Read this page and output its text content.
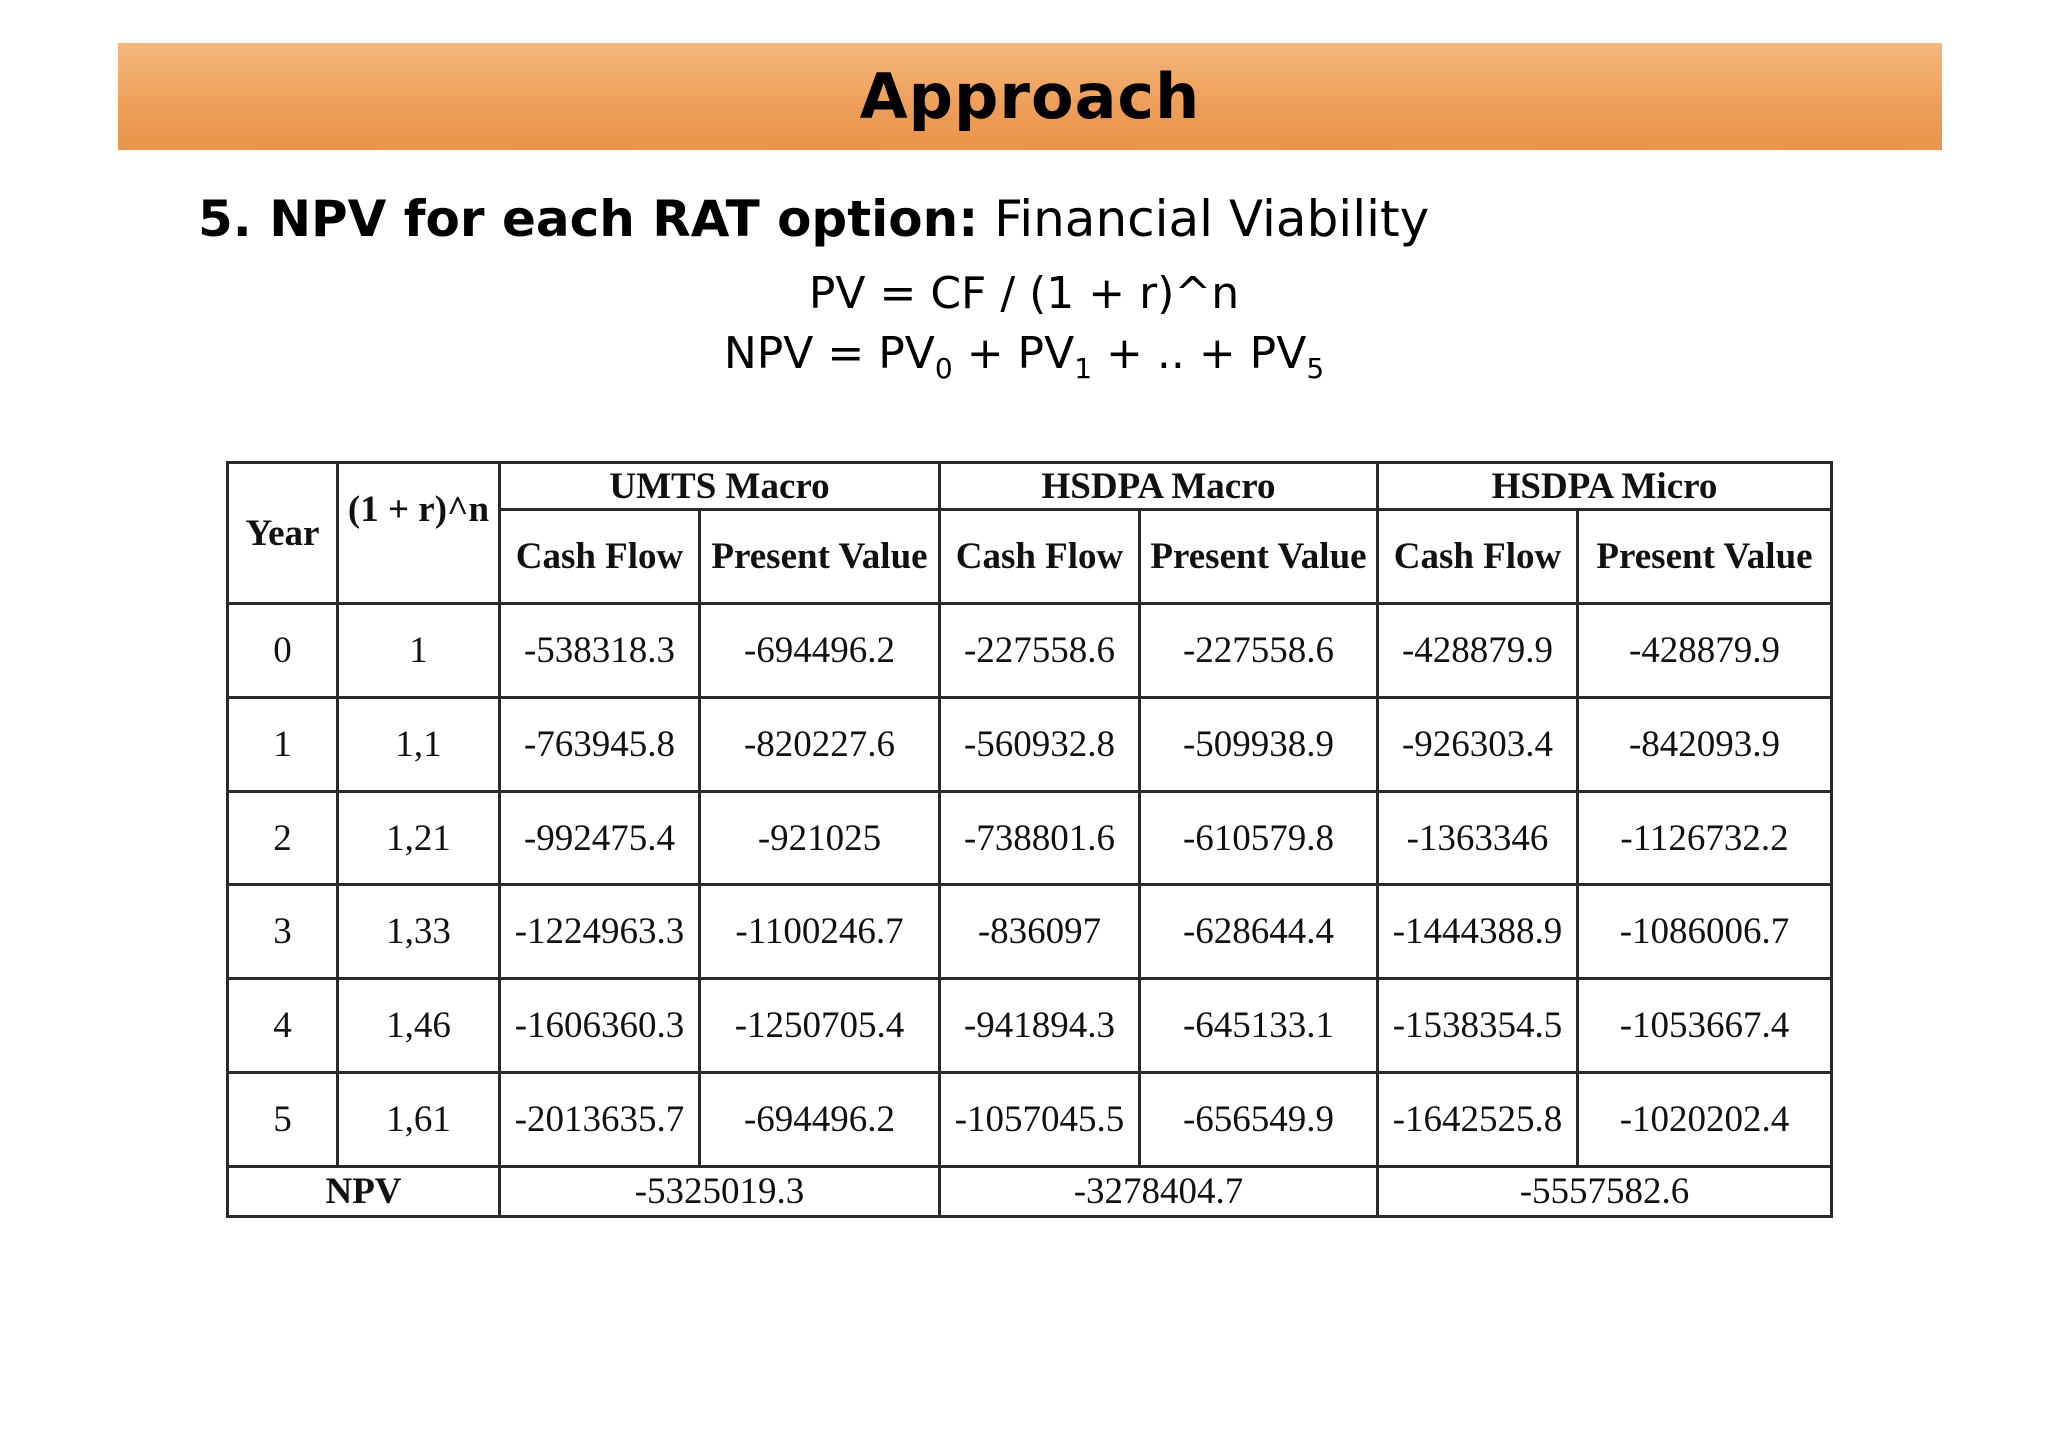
Approach
5. NPV for each RAT option: Financial Viability
PV = CF / (1 + r)^n
NPV = $PV_0 + PV_1$ + .. + $PV_5$
Year	(1 + r)^n	UMTS Macro		HSDPA Macro		HSDPA Micro	
		Cash Flow	Present Value	Cash Flow	Present Value	Cash Flow	Present Value
0	1	-538318.3	-694496.2	-227558.6	-227558.6	-428879.9	-428879.9
1	1,1	-763945.8	-820227.6	-560932.8	-509938.9	-926303.4	-842093.9
2	1,21	-992475.4	-921025	-738801.6	-610579.8	-1363346	-1126732.2
3	1,33	-1224963.3	-1100246.7	-836097	-628644.4	-1444388.9	-1086006.7
4	1,46	-1606360.3	-1250705.4	-941894.3	-645133.1	-1538354.5	-1053667.4
5	1,61	-2013635.7	-694496.2	-1057045.5	-656549.9	-1642525.8	-1020202.4
NPV		-5325019.3		-3278404.7		-5557582.6	
